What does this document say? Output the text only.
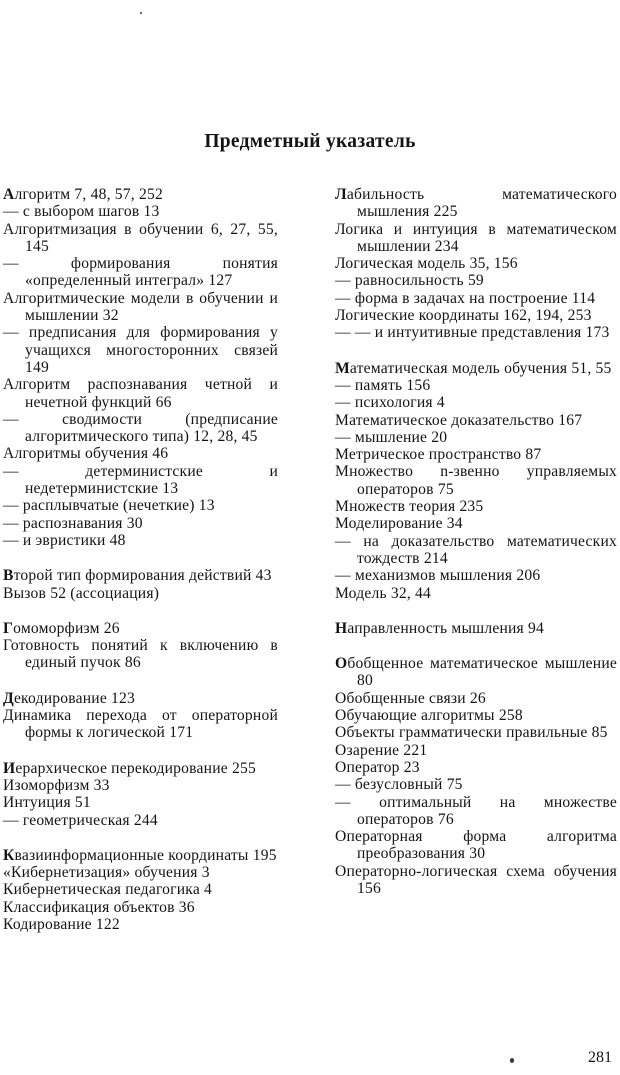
Предметный указатель
Алгоритм 7, 48, 57, 252
— с выбором шагов 13
Алгоритмизация в обучении 6, 27, 55, 145
— формирования понятия «определенный интеграл» 127
Алгоритмические модели в обучении и мышлении 32
— предписания для формирования у учащихся многосторонних связей 149
Алгоритм распознавания четной и нечетной функций 66
— сводимости (предписание алгоритмического типа) 12, 28, 45
Алгоритмы обучения 46
— детерминистские и недетерминистские 13
— расплывчатые (нечеткие) 13
— распознавания 30
— и эвристики 48
Второй тип формирования действий 43
Вызов 52 (ассоциация)
Гомоморфизм 26
Готовность понятий к включению в единый пучок 86
Декодирование 123
Динамика перехода от операторной формы к логической 171
Иерархическое перекодирование 255
Изоморфизм 33
Интуиция 51
— геометрическая 244
Квазиинформационные координаты 195
«Кибернетизация» обучения 3
Кибернетическая педагогика 4
Классификация объектов 36
Кодирование 122
Лабильность математического мышления 225
Логика и интуиция в математическом мышлении 234
Логическая модель 35, 156
— равносильность 59
— форма в задачах на построение 114
Логические координаты 162, 194, 253
— — и интуитивные представления 173
Математическая модель обучения 51, 55
— память 156
— психология 4
Математическое доказательство 167
— мышление 20
Метрическое пространство 87
Множество n-звенно управляемых операторов 75
Множеств теория 235
Моделирование 34
— на доказательство математических тождеств 214
— механизмов мышления 206
Модель 32, 44
Направленность мышления 94
Обобщенное математическое мышление 80
Обобщенные связи 26
Обучающие алгоритмы 258
Объекты грамматически правильные 85
Озарение 221
Оператор 23
— безусловный 75
— оптимальный на множестве операторов 76
Операторная форма алгоритма преобразования 30
Операторно-логическая схема обучения 156
281
